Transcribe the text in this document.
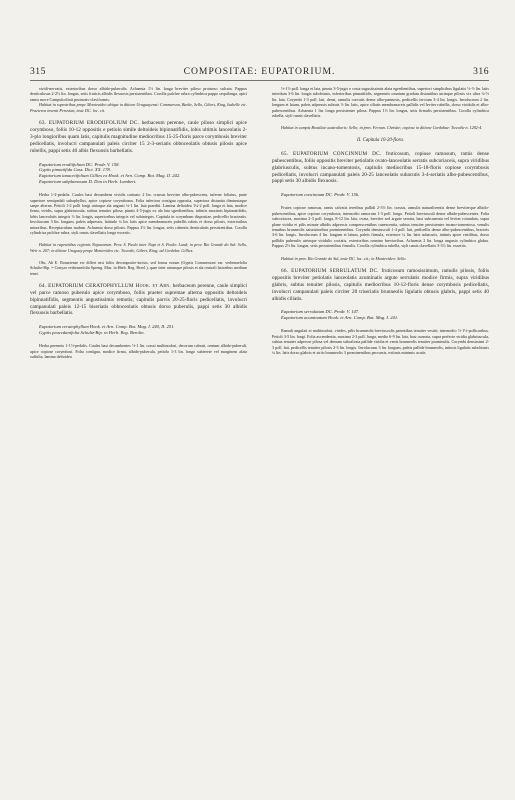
315	COMPOSITAE: EUPATORIUM.	316

viridi-nervatis, exterioribus dorso albido-puberulis. Achaenia 1½ lin. longa breviter piloso pruinoso sulcata. Pappus denticulosus 2-2½ lin. longus, setis fruticis albidis flexuosis persistentibus. Corolla pulchre rubra cylindrica pappo sequilonga, apici ramis more Campuloclinii pruinosis-claviformis.

Habitat in rupestribus prope Montevideo ubique in ditione Uruguayensi: Commerson, Baeke, Sello, Gibert, King, Isabelle etc. Praeterea invenit Peruvian, teste DC. loc. cit.

63. EUPATORIUM ERODIIFOLIUM DC. herbaceum perenne, caule piloso simplici apice corymboso, foliis 10-12 oppositis e petiolo simile deltoideis bipinnatifidis, lobis ultimis lanceolatis 2-3-plo longioribus quam latis, capitulis magnitudine mediocribus 15-25-floris parce corymbosis breviter pedicellatis, involucri campanulati paleis circiter 15 2-3-seriatis obbnceolatis obtusis pilosis apice rubellis, pappi setis 40 albis flexuosis barbellatis.

Eupatorium erodiifolium DC. Prodr. V. 158.

Gyptis pinnatifida Cass. Dict. XX. 178.

Eupatorium tanacetifolium Gillies ex Hook. et Arn. Comp. Bot. Mag. II. 242.

Eupatorium subplumosum D. Don in Herb. Lambert.

Herba 1-2-pedalis. Caules basi decumbens vividis carinato 2 lin. crassus breviter albo-pubescens, inferne foliatus, parte superiore semipedali subaphyllus, apice copiose corymbosus. Folia inferiora contigua opposita, superiora distantia diminutaque saepe alterna. Petioli 1-2 polli longi utrinque ala angusti ¼-1 lin. lata praediti. Lamina deltoidea 1¼-2 poll. longa et lata, modice firma, viridis, supra glabriuscula, subtus tenuiter pilosa, pinnis 4-5-jugis ex ala lata sgredientibus, infimis maximis bipinnatifidis, lobis lanceolatis integris ½ lin. longis, superioribus integris vel subintegris. Capitula in corymbum dispositae, pedicellis bracteatis. Involucrum 3 lin. longum, paleis adpressis, latitudo ¼ lin. latis apice membranaceis pubellis rubris et dorso pilosis, exterioribus minoribus. Receptaculum nudum. Achaenia dorso pilosis. Pappus 2½ lin. longus, setis rubentis denticulatis persistentibus. Corolla cylindrica pulchre rubra, styli ramis clavellatis longe exsertis.

Habitat in rupestribus regionis Napaearum. Prov. S. Paulo inter Napi et S. Paulo: Lund; in prov. Rio Grande do Sul: Sello, Weir n. 267; in ditione Uruguay prope Montevideo etc. Tweedie, Gibert, King; ad Cordoba: Gillies.

Obs. Ab E. Bonariense etc differt nisi foliis decomposite-incisis, sed forma eorum (Gyptis Commersoni var. verbenaefolia Schultz-Bip. = Conyza verbenaefolia Spreng. Mus. in Herb. Reg. Berol.), quae inter utrumque pilosis et ala centrali latioribus medium tenet.

64. EUPATORIUM CERATOPHYLLUM Hook. et Arn. herbaceum perenne, caule simplici vel parce ramoso puberulo apice corymboso, foliis praeter supremae alterna oppositis deltoideis bipinnatifidis, segmentis angustissimis remotis; capitulis parvis 20-25-floris pedicellatis, involucri campanulati paleis 12-15 biseriatis obbnceolatis obtusis dorso puberulis, pappi setis 30 albidis flexuosis barbellatis.

Eupatorium ceratophyllum Hook. et Arn. Comp. Bot. Mag. I. 240, II. 251.

Gyptis peucedanifolia Schultz-Bip. in Herb. Reg. Berolin.

Herba perennis 1-1½-pedalis. Caules basi decumbentes ½-1 lin. crassi multinodosi, decorum rubrati, centum albido-puberuli, apice copiose corymbosi. Folia contigua, modice firma, albido-puberula, petiolo 1-3 lin. longo subterete vel marginem alata suffulta, lamina deltoidea

½-1½ poll. longa et lata, pinnis 3-5-jugis e costa sugustissimis alata egredientibus, superiori simplicibus ligulatis ½-½ lin. latis interdum 3-6 lin. longis subobtusis, inferioribus pinnatifidis, segmentis omnium gradum distantibus utrinque pilosis vix ultra ¼-½ lin. lata. Corymbi 1-3 poll. lati, densi, ramulis curvatis dense albo-pannosis, pedicellis terctum 3-4 lin. longis. Involucrum 2 lin. longum et latum, paleis adpressis subtuis ½ lin. latis, apice ciliatis membranaceis pallidis vel leviter rubellis, dorso viridulis et albo-pubescentibus. Achaenia 1 lin. longa persistenter pilosa. Pappus 1½ lin. longus, setis firmulis persistentibus. Corolla cylindrica rubella, styli ramis clavellatis.

Habitat in campis Brasiliae australioris: Sello; in prov. Fernan. Christie; copiose in ditione Cordobae: Tweedie n. 1282-4.

II. Capitula 10-20-flora.

65. EUPATORIUM CONCINNUM DC. fruticosum, copiose ramosum, ramis dense pubescentibus, foliis oppositis breviter petiolatis ovato-lanceolatis serratis subcoriaceis, supra viridibus glabriusculis, subtus incano-tomentosis, capitulis mediocribus 15-18-floris copiose corymbosis pedicellatis, involucri campanulati paleis 20-25 lanceolatis subacutis 3-4-seriatis albo-pubescentibus, pappi setis 30 albidis flexuosis.

Eupatorium concinnum DC. Prodr. V. 156.

Frutex copiose ramosus, ramis calvatis teretibus pallidi 2-3½ lin. crassis, ramulis naturaliventis dense breviterque albido-pubescentibus, apice copiose corymbosis; internodio ramorum 1-3 poll. longo. Petioli breviusculi dense albido-pubescentes. Folia subcoriacea, maxima 2-3 poll. longa, 8-12 lin. lata, ovata, breviter sed argute serrata, basi subcuneata vel leviter rotundata, supra plane viridia et pilis minute albidis adpressis consperscentibus canescentia, subtus tenuiter persistenter incano-tomentosa, venulis tenuibus brunneolis saturatioribus prominentibus. Corymbi densiusculi 1-4 poll. lati, pedicellis dense albo-pubescentibus, bracteis 3-6 lin. longis. Involucrum 4 lin. longum et latum, paleis firmula, exteriore ¼ lin. latis subacutis, intimis apice viridibus, dorso pallidis puberulis utrinque viridulis coctatis, exterioribus omnino brevioribus. Achaenia 2 lin. longa angusto cylindrica glabra. Pappus 2½ lin. longus, setis persistentibus firmulis. Corolla cylindrica rubella, styli ramis clavellatis 3-3½ lin. exsertis.

Habitat in prov. Rio Grande do Sul, teste DC. loc. cit.; in Montevideo: Sello.

66. EUPATORIUM SERRULATUM DC. fruticosum ramosissimum, ramulis pilosis, foliis oppositis breviter petiolatis lanceolatis acuminatis argute serrulatis modice firmis, supra viridibus glabris, subtus tenuiter pilosis, capitulis mediocribus 10-12-floris dense corymbosis pedicellatis, involucri campanulati paleis circiter 20 triseriatis brunneolis ligulatis obtusis glabris, pappi setis 40 albidis ciliatis.

Eupatorium serrulatum DC. Prodr. V. 147.

Eupatorium acuminatum Hook. et Arn. Comp. Bot. Mag. I. 241.

Ramuli angulati et multinodosi, virides, pilis brunneolis breviusculis patentibus tenuiter vestiti; internodio ½-1½-pollicaribus. Petioli 3-5 lin. longi. Folia ascendentia, maxima 2-3 poll. longa, medio 6-9 lin. lata, basi cuneata, supra perfecte viridia glabriuscula, subtus tenuiter adpresse pilosa vel demum subcalvata pallide viridia et venis brunneolis tenuiter prominulis. Corymbi densissimi 2-3 poll. lati, pedicellis tenuiter pilosis 2-3 lin. longis. Involucrum 3 lin. longum, paleis pallide brunneolis, intimis ligulatis subobtusis ¼ lin. latis dorso glabris et striis brunneolis 3 prominentibus percursis, extimis minimis acutis
